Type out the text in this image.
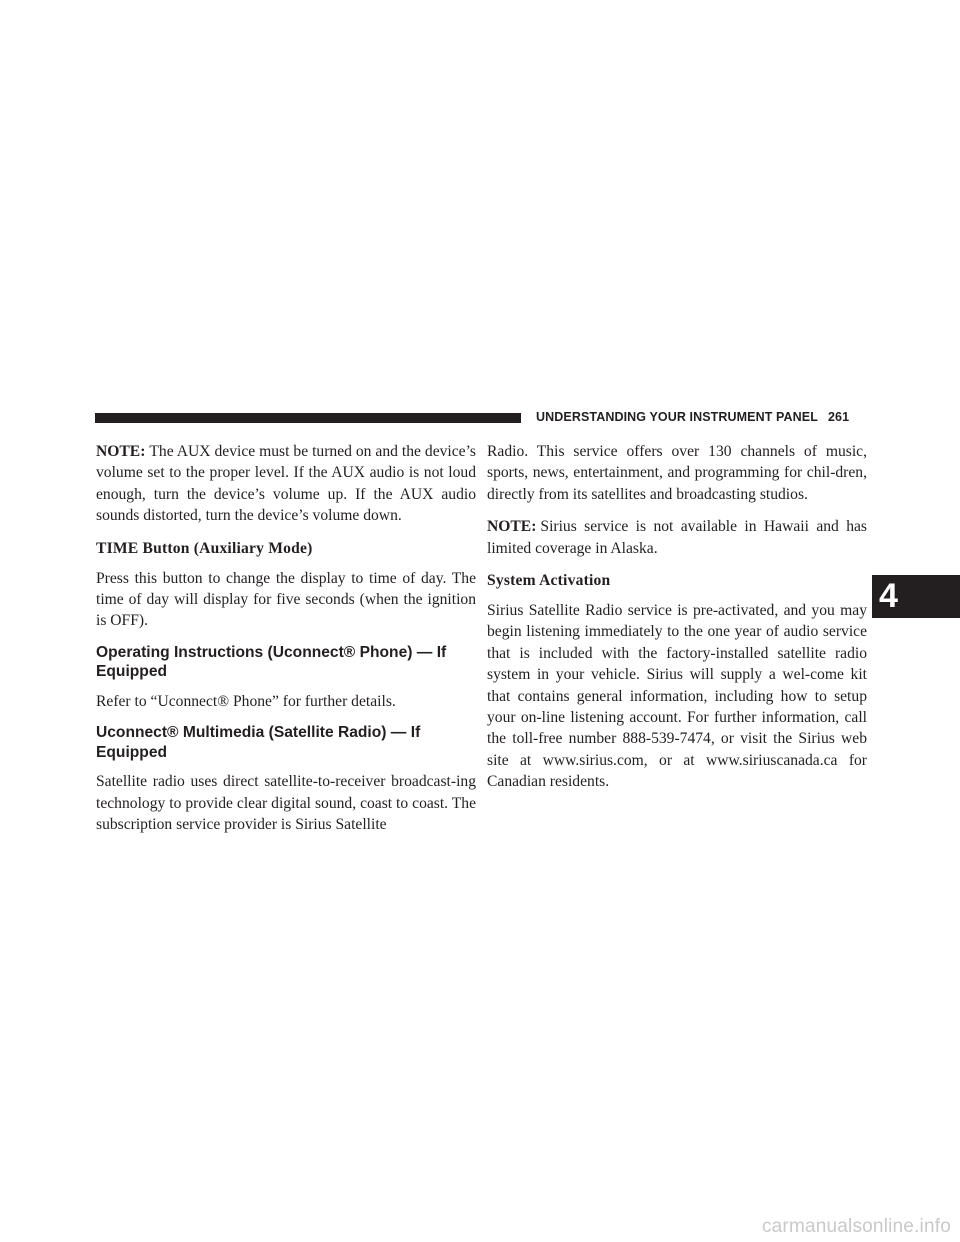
UNDERSTANDING YOUR INSTRUMENT PANEL 261

NOTE: The AUX device must be turned on and the device’s volume set to the proper level. If the AUX audio is not loud enough, turn the device’s volume up. If the AUX audio sounds distorted, turn the device’s volume down.

TIME Button (Auxiliary Mode)

Press this button to change the display to time of day. The time of day will display for five seconds (when the ignition is OFF).

Operating Instructions (Uconnect® Phone) — If Equipped

Refer to “Uconnect® Phone” for further details.

Uconnect® Multimedia (Satellite Radio) — If Equipped

Satellite radio uses direct satellite-to-receiver broadcast-ing technology to provide clear digital sound, coast to coast. The subscription service provider is Sirius Satellite

Radio. This service offers over 130 channels of music, sports, news, entertainment, and programming for chil-dren, directly from its satellites and broadcasting studios.

NOTE: Sirius service is not available in Hawaii and has limited coverage in Alaska.

System Activation

Sirius Satellite Radio service is pre-activated, and you may begin listening immediately to the one year of audio service that is included with the factory-installed satellite radio system in your vehicle. Sirius will supply a wel-come kit that contains general information, including how to setup your on-line listening account. For further information, call the toll-free number 888-539-7474, or visit the Sirius web site at www.sirius.com, or at www.siriuscanada.ca for Canadian residents.

4
carmanualsonline.info
